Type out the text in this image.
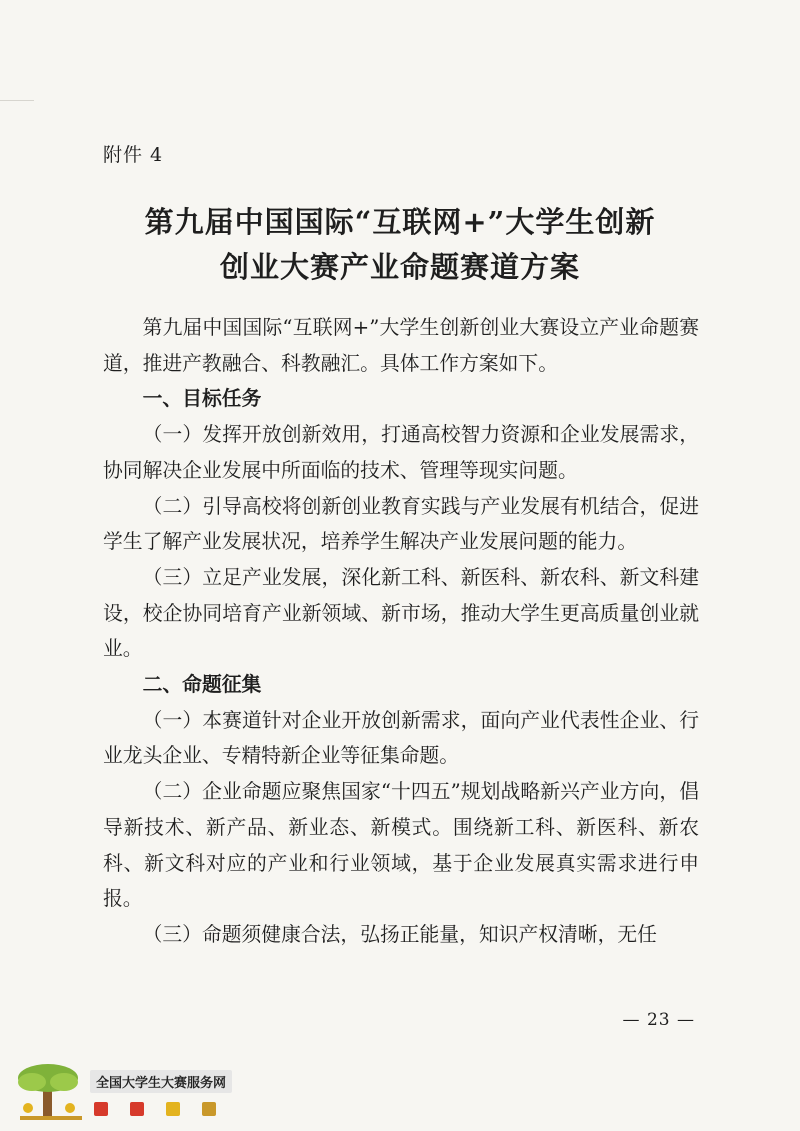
附件 4
第九届中国国际“互联网+”大学生创新
创业大赛产业命题赛道方案

第九届中国国际“互联网+”大学生创新创业大赛设立产业命题赛道，推进产教融合、科教融汇。具体工作方案如下。

一、目标任务

（一）发挥开放创新效用，打通高校智力资源和企业发展需求，协同解决企业发展中所面临的技术、管理等现实问题。

（二）引导高校将创新创业教育实践与产业发展有机结合，促进学生了解产业发展状况，培养学生解决产业发展问题的能力。

（三）立足产业发展，深化新工科、新医科、新农科、新文科建设，校企协同培育产业新领域、新市场，推动大学生更高质量创业就业。

二、命题征集

（一）本赛道针对企业开放创新需求，面向产业代表性企业、行业龙头企业、专精特新企业等征集命题。

（二）企业命题应聚焦国家“十四五”规划战略新兴产业方向，倡导新技术、新产品、新业态、新模式。围绕新工科、新医科、新农科、新文科对应的产业和行业领域，基于企业发展真实需求进行申报。

（三）命题须健康合法，弘扬正能量，知识产权清晰，无任

— 23 —
全国大学生大赛服务网
